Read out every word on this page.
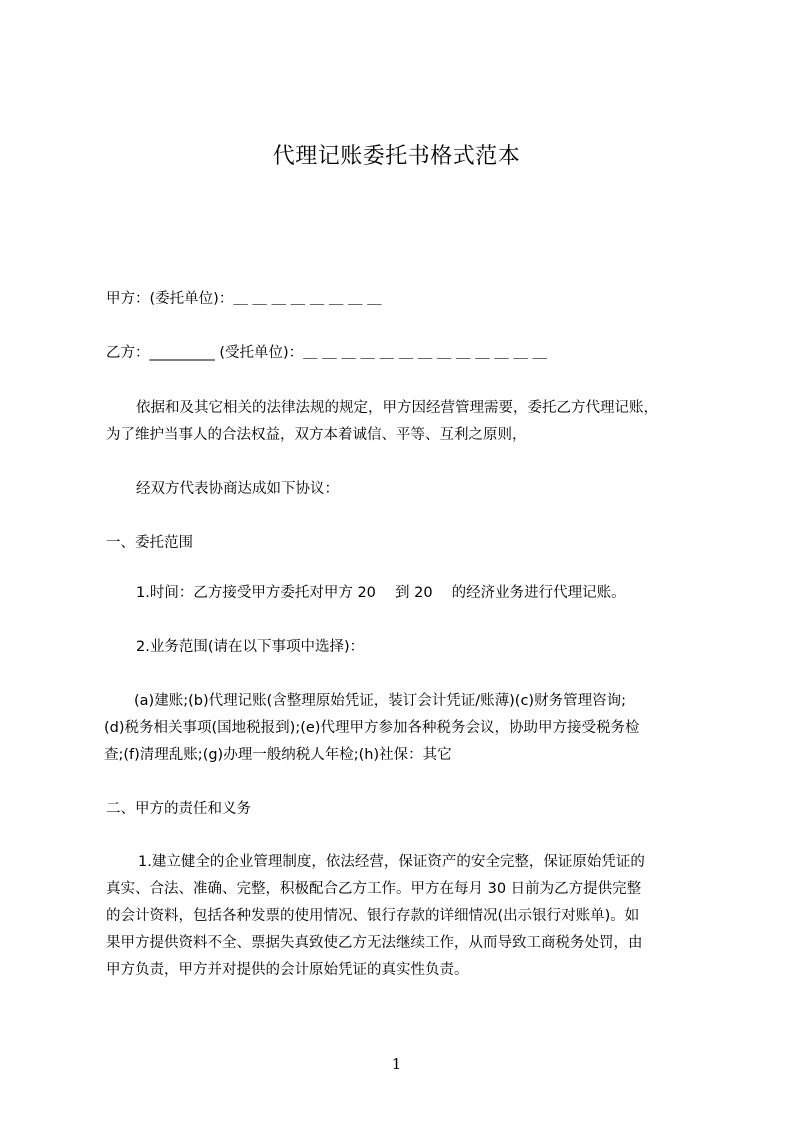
代理记账委托书格式范本
甲方：(委托单位)：＿ ＿ ＿ ＿ ＿ ＿ ＿ ＿
乙方：_________ (受托单位)：＿ ＿ ＿ ＿ ＿ ＿ ＿ ＿ ＿ ＿ ＿ ＿ ＿
依据和及其它相关的法律法规的规定，甲方因经营管理需要，委托乙方代理记账，
为了维护当事人的合法权益，双方本着诚信、平等、互利之原则，
经双方代表协商达成如下协议：
一、委托范围
1.时间：乙方接受甲方委托对甲方 20　 到 20　 的经济业务进行代理记账。
2.业务范围(请在以下事项中选择)：
(a)建账;(b)代理记账(含整理原始凭证，装订会计凭证/账薄)(c)财务管理咨询;
(d)税务相关事项(国地税报到);(e)代理甲方参加各种税务会议，协助甲方接受税务检
查;(f)清理乱账;(g)办理一般纳税人年检;(h)社保：其它
二、甲方的责任和义务
1.建立健全的企业管理制度，依法经营，保证资产的安全完整，保证原始凭证的
真实、合法、准确、完整，积极配合乙方工作。甲方在每月 30 日前为乙方提供完整
的会计资料，包括各种发票的使用情况、银行存款的详细情况(出示银行对账单)。如
果甲方提供资料不全、票据失真致使乙方无法继续工作，从而导致工商税务处罚，由
甲方负责，甲方并对提供的会计原始凭证的真实性负责。
1
